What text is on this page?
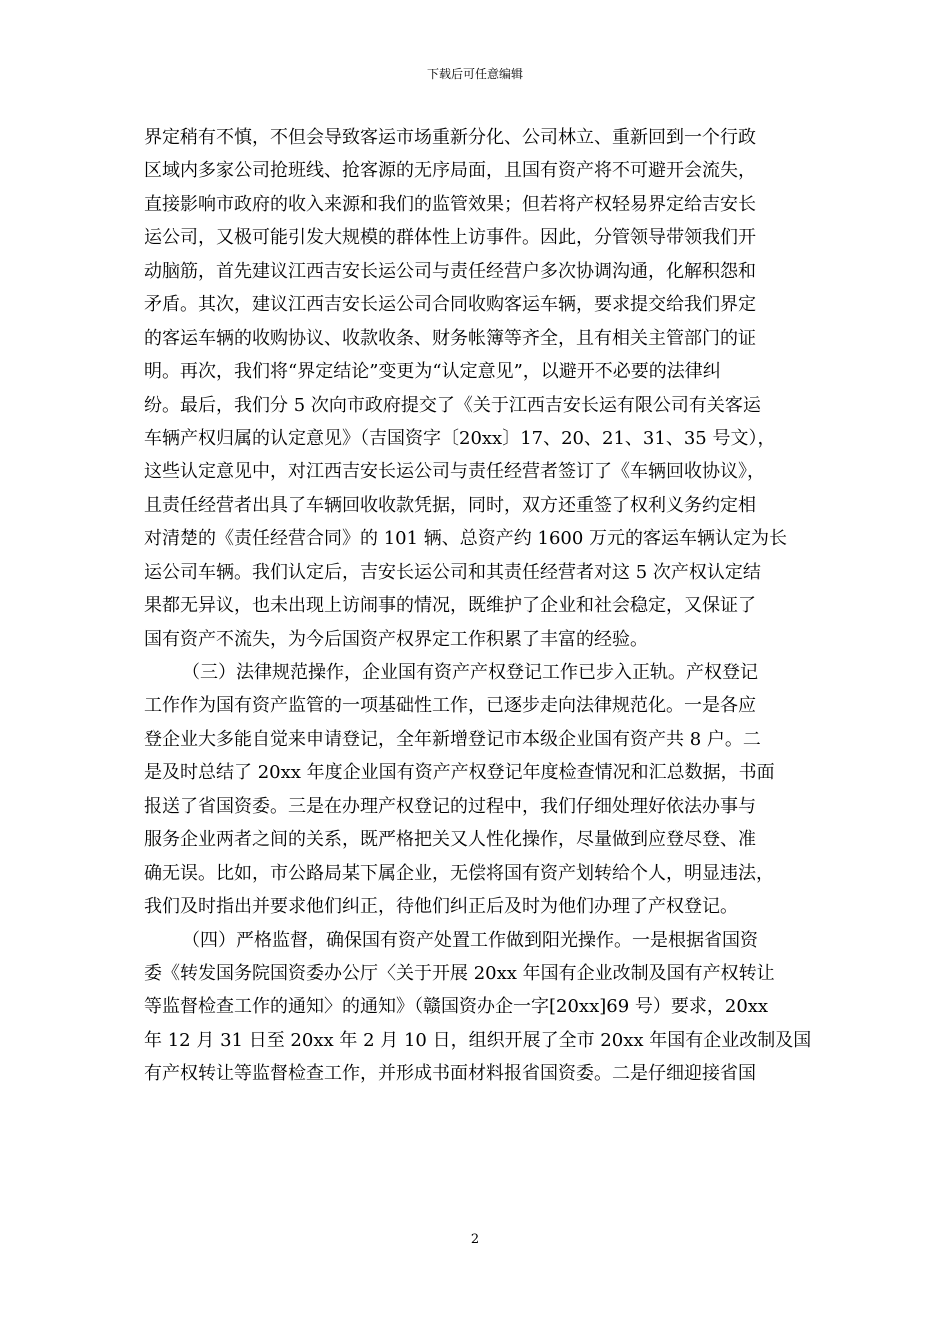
下载后可任意编辑
界定稍有不慎，不但会导致客运市场重新分化、公司林立、重新回到一个行政
区域内多家公司抢班线、抢客源的无序局面，且国有资产将不可避开会流失，
直接影响市政府的收入来源和我们的监管效果；但若将产权轻易界定给吉安长
运公司，又极可能引发大规模的群体性上访事件。因此，分管领导带领我们开
动脑筋，首先建议江西吉安长运公司与责任经营户多次协调沟通，化解积怨和
矛盾。其次，建议江西吉安长运公司合同收购客运车辆，要求提交给我们界定
的客运车辆的收购协议、收款收条、财务帐簿等齐全，且有相关主管部门的证
明。再次，我们将“界定结论”变更为“认定意见”，以避开不必要的法律纠
纷。最后，我们分 5 次向市政府提交了《关于江西吉安长运有限公司有关客运
车辆产权归属的认定意见》（吉国资字〔20xx〕17、20、21、31、35 号文），
这些认定意见中，对江西吉安长运公司与责任经营者签订了《车辆回收协议》，
且责任经营者出具了车辆回收收款凭据，同时，双方还重签了权利义务约定相
对清楚的《责任经营合同》的 101 辆、总资产约 1600 万元的客运车辆认定为长
运公司车辆。我们认定后，吉安长运公司和其责任经营者对这 5 次产权认定结
果都无异议，也未出现上访闹事的情况，既维护了企业和社会稳定，又保证了
国有资产不流失，为今后国资产权界定工作积累了丰富的经验。
（三）法律规范操作，企业国有资产产权登记工作已步入正轨。产权登记
工作作为国有资产监管的一项基础性工作，已逐步走向法律规范化。一是各应
登企业大多能自觉来申请登记，全年新增登记市本级企业国有资产共 8 户。二
是及时总结了 20xx 年度企业国有资产产权登记年度检查情况和汇总数据，书面
报送了省国资委。三是在办理产权登记的过程中，我们仔细处理好依法办事与
服务企业两者之间的关系，既严格把关又人性化操作，尽量做到应登尽登、准
确无误。比如，市公路局某下属企业，无偿将国有资产划转给个人，明显违法，
我们及时指出并要求他们纠正，待他们纠正后及时为他们办理了产权登记。
（四）严格监督，确保国有资产处置工作做到阳光操作。一是根据省国资
委《转发国务院国资委办公厅〈关于开展 20xx 年国有企业改制及国有产权转让
等监督检查工作的通知〉的通知》（赣国资办企一字[20xx]69 号）要求，20xx
年 12 月 31 日至 20xx 年 2 月 10 日，组织开展了全市 20xx 年国有企业改制及国
有产权转让等监督检查工作，并形成书面材料报省国资委。二是仔细迎接省国
2
